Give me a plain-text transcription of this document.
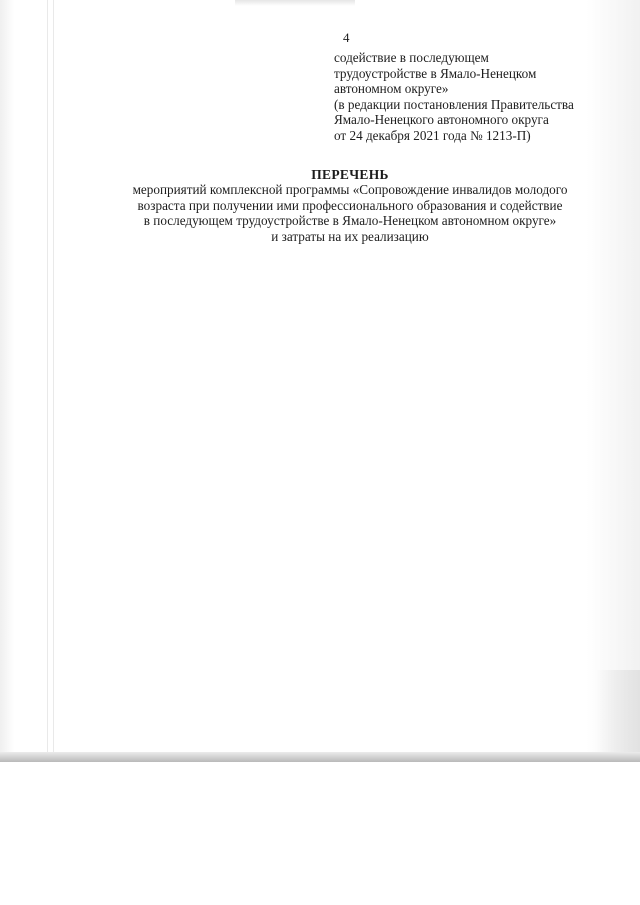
4
содействие в последующем
трудоустройстве в Ямало-Ненецком
автономном округе»
(в редакции постановления Правительства
Ямало-Ненецкого автономного округа
от 24 декабря 2021 года № 1213-П)
ПЕРЕЧЕНЬ
мероприятий комплексной программы «Сопровождение инвалидов молодого
возраста при получении ими профессионального образования и содействие
в последующем трудоустройстве в Ямало-Ненецком автономном округе»
и затраты на их реализацию
